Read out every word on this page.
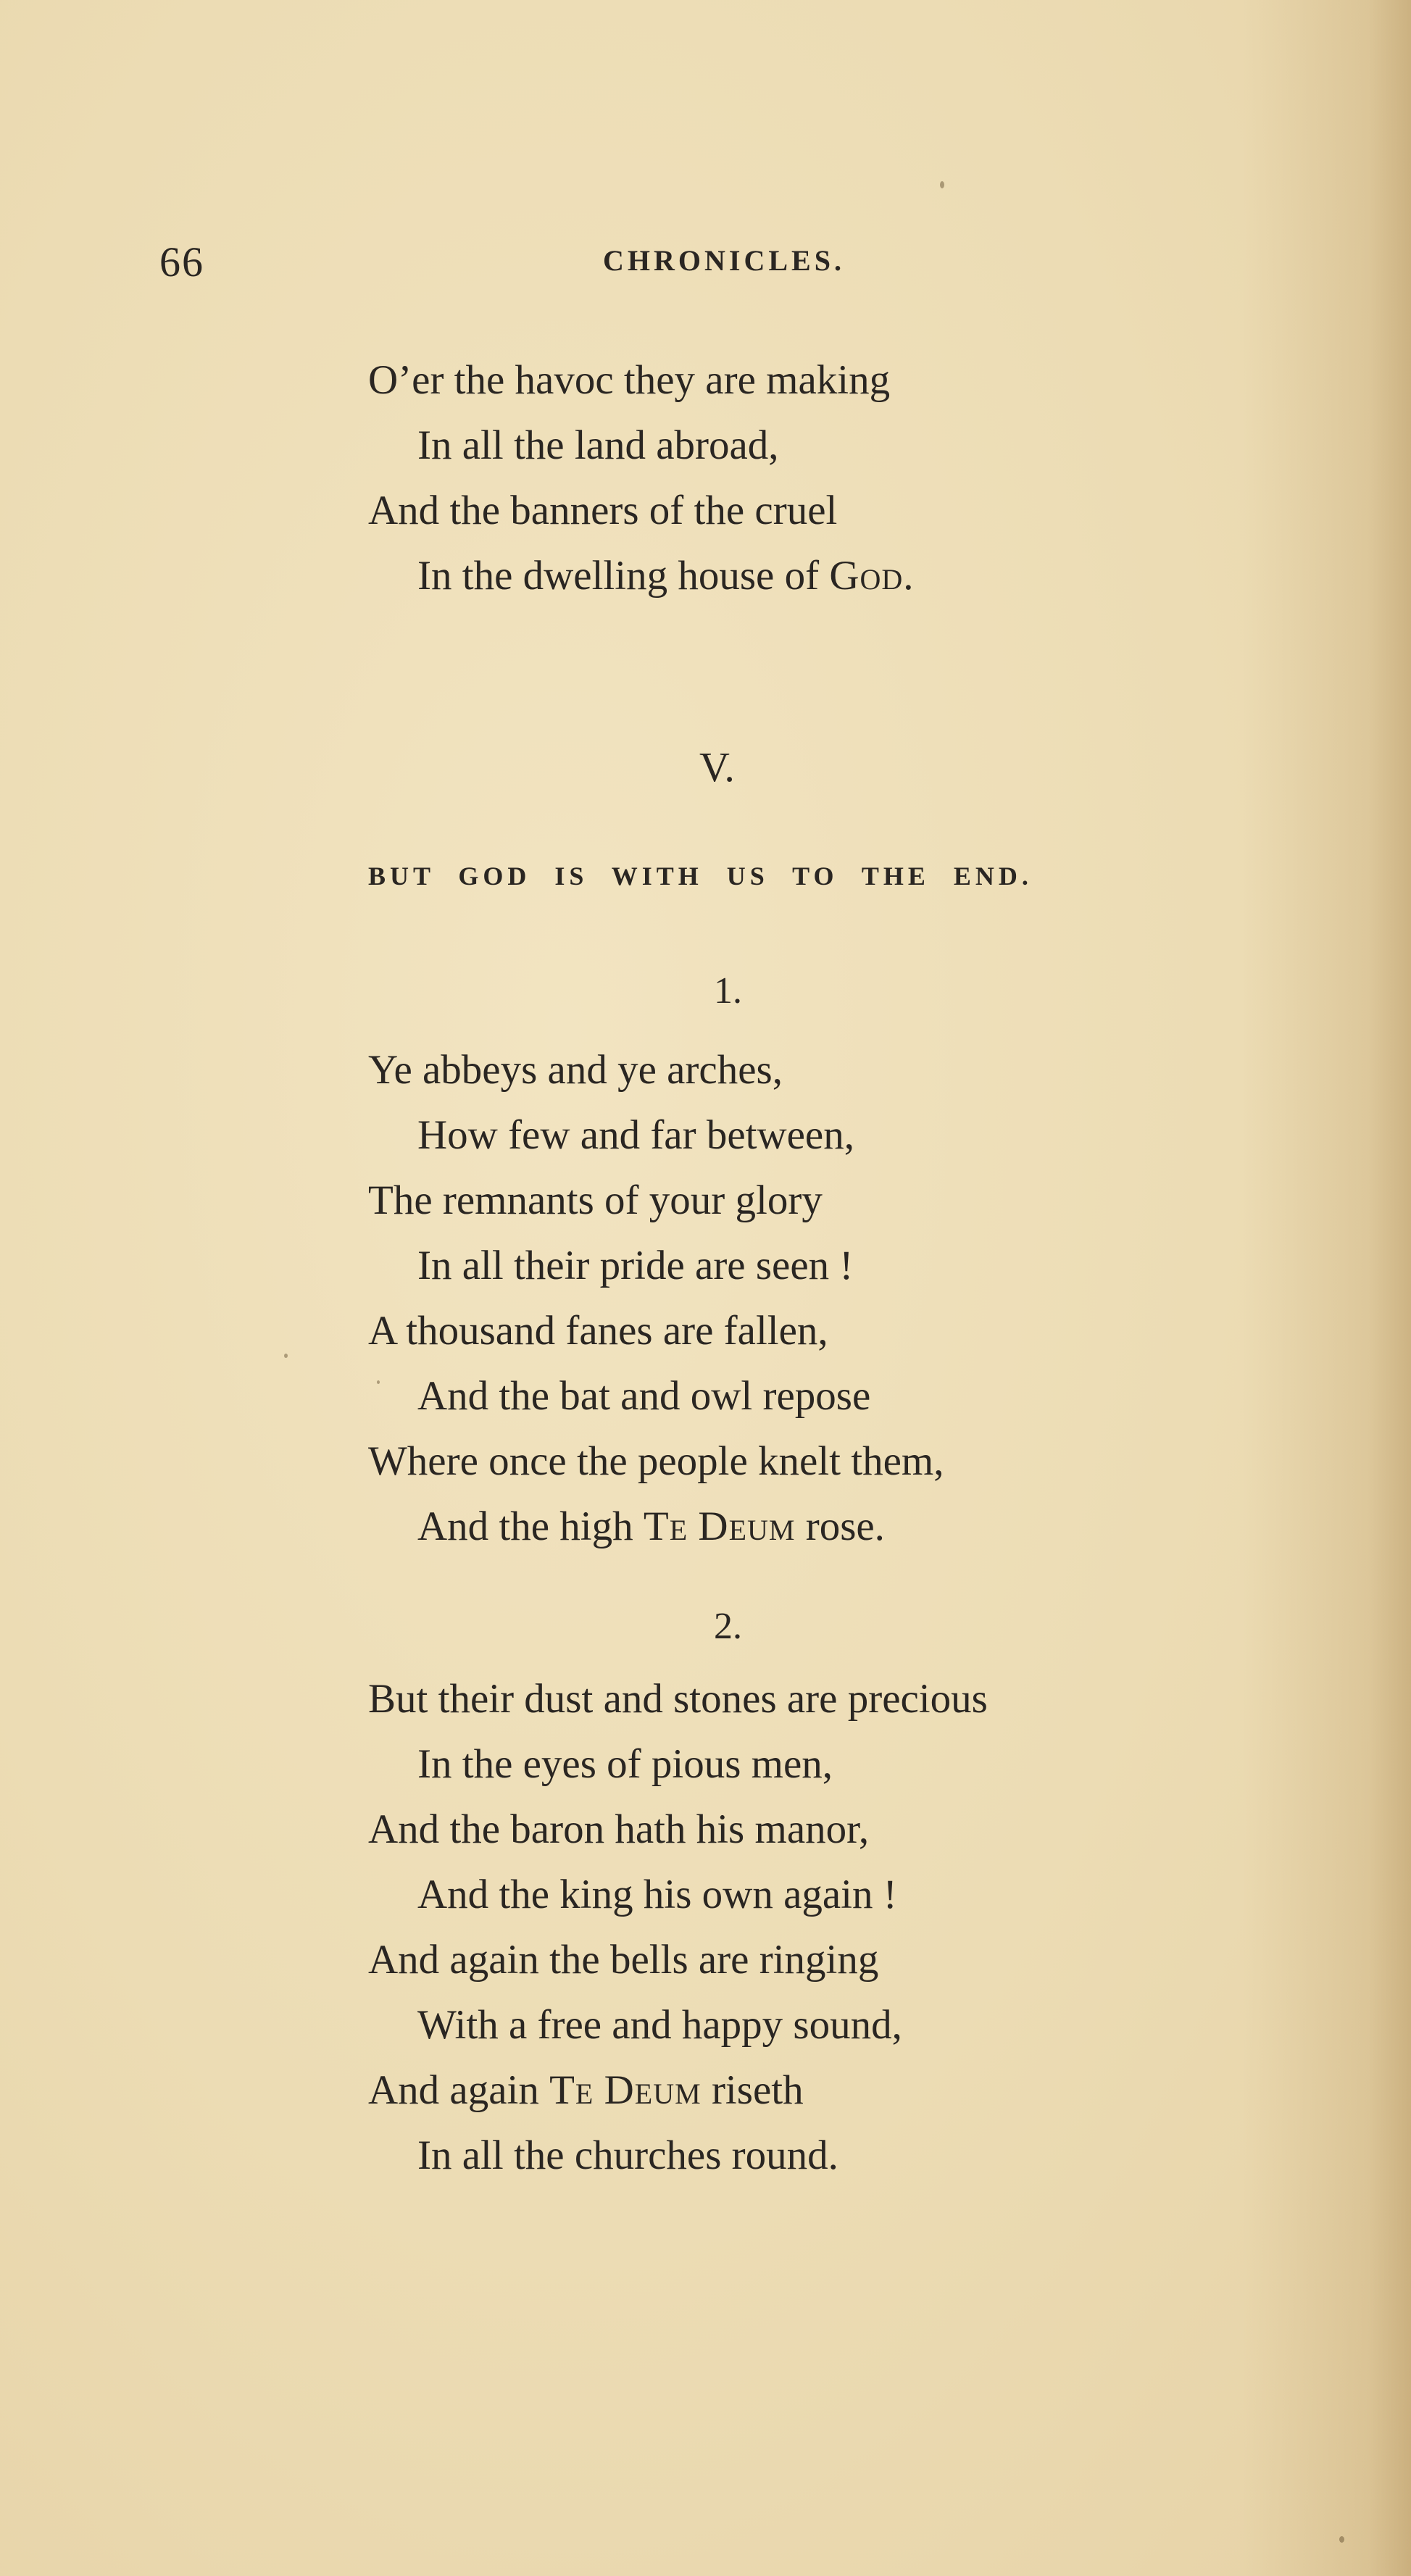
66	CHRONICLES.
O’er the havoc they are making
In all the land abroad,
And the banners of the cruel
In the dwelling house of God.
V.
BUT GOD IS WITH US TO THE END.
1.
Ye abbeys and ye arches,
How few and far between,
The remnants of your glory
In all their pride are seen !
A thousand fanes are fallen,
And the bat and owl repose
Where once the people knelt them,
And the high Te Deum rose.
2.
But their dust and stones are precious
In the eyes of pious men,
And the baron hath his manor,
And the king his own again !
And again the bells are ringing
With a free and happy sound,
And again Te Deum riseth
In all the churches round.
